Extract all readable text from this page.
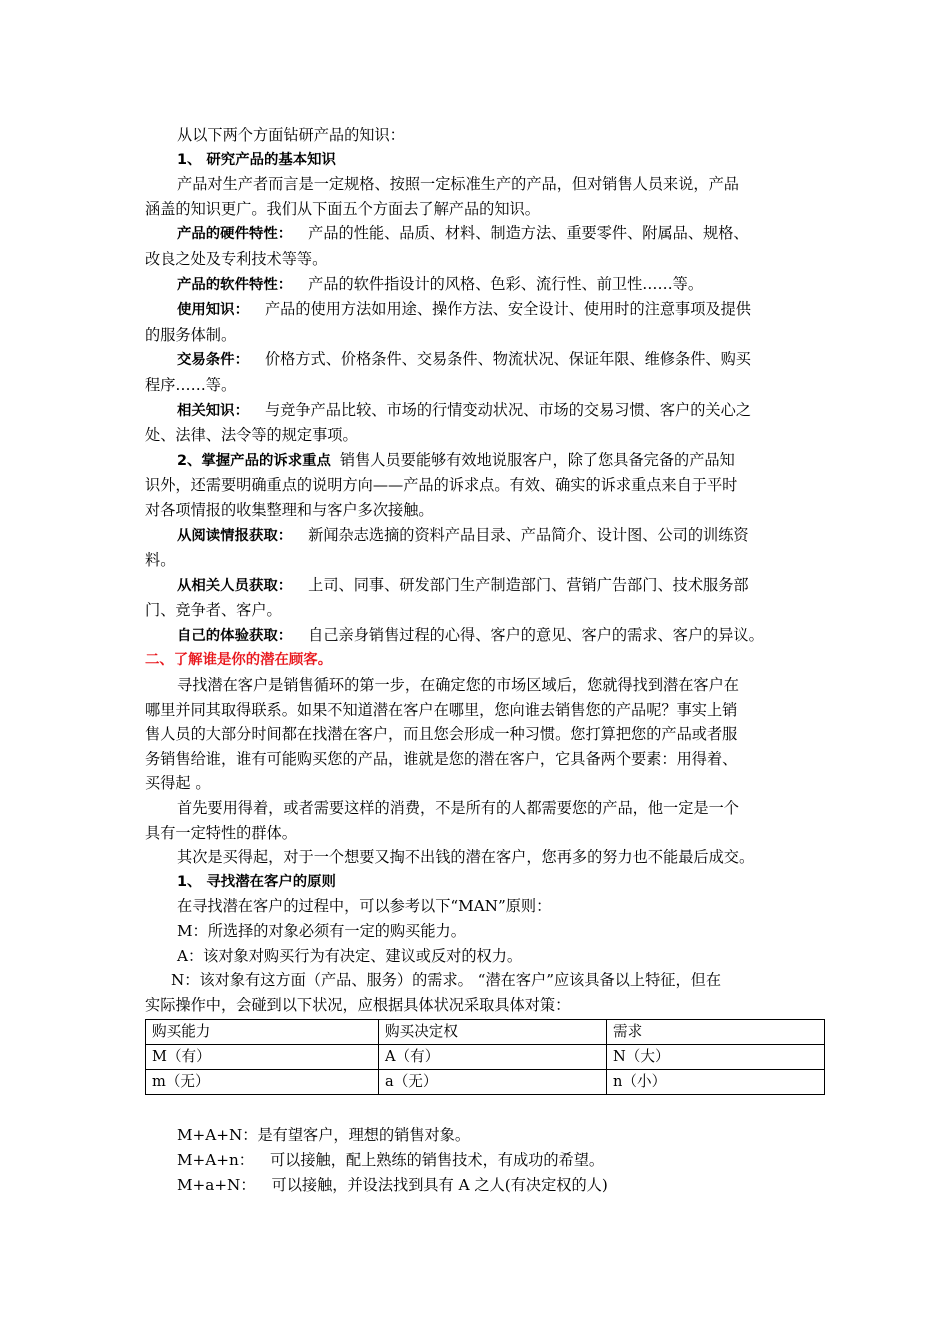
从以下两个方面钻研产品的知识：

1、 研究产品的基本知识

产品对生产者而言是一定规格、按照一定标准生产的产品，但对销售人员来说，产品

涵盖的知识更广。我们从下面五个方面去了解产品的知识。

产品的硬件特性： 产品的性能、品质、材料、制造方法、重要零件、附属品、规格、

改良之处及专利技术等等。

产品的软件特性： 产品的软件指设计的风格、色彩、流行性、前卫性……等。

使用知识： 产品的使用方法如用途、操作方法、安全设计、使用时的注意事项及提供

的服务体制。

交易条件： 价格方式、价格条件、交易条件、物流状况、保证年限、维修条件、购买

程序……等。

相关知识： 与竞争产品比较、市场的行情变动状况、市场的交易习惯、客户的关心之

处、法律、法令等的规定事项。

2、掌握产品的诉求重点 销售人员要能够有效地说服客户，除了您具备完备的产品知

识外，还需要明确重点的说明方向——产品的诉求点。有效、确实的诉求重点来自于平时

对各项情报的收集整理和与客户多次接触。

从阅读情报获取： 新闻杂志选摘的资料产品目录、产品简介、设计图、公司的训练资

料。

从相关人员获取： 上司、同事、研发部门生产制造部门、营销广告部门、技术服务部

门、竞争者、客户。

自己的体验获取： 自己亲身销售过程的心得、客户的意见、客户的需求、客户的异议。

二、了解谁是你的潜在顾客。

寻找潜在客户是销售循环的第一步，在确定您的市场区域后，您就得找到潜在客户在

哪里并同其取得联系。如果不知道潜在客户在哪里，您向谁去销售您的产品呢？事实上销

售人员的大部分时间都在找潜在客户，而且您会形成一种习惯。您打算把您的产品或者服

务销售给谁，谁有可能购买您的产品，谁就是您的潜在客户，它具备两个要素：用得着、

买得起 。

首先要用得着，或者需要这样的消费，不是所有的人都需要您的产品，他一定是一个

具有一定特性的群体。

其次是买得起，对于一个想要又掏不出钱的潜在客户，您再多的努力也不能最后成交。

1、 寻找潜在客户的原则

在寻找潜在客户的过程中，可以参考以下“MAN”原则：

M：所选择的对象必须有一定的购买能力。

A：该对象对购买行为有决定、建议或反对的权力。

N：该对象有这方面（产品、服务）的需求。 “潜在客户”应该具备以上特征，但在

实际操作中，会碰到以下状况，应根据具体状况采取具体对策：

购买能力	购买决定权	需求
M（有）	A（有）	N（大）
m（无）	a（无）	n（小）

M+A+N：是有望客户，理想的销售对象。

M+A+n： 可以接触，配上熟练的销售技术，有成功的希望。

M+a+N： 可以接触，并设法找到具有 A 之人(有决定权的人)
